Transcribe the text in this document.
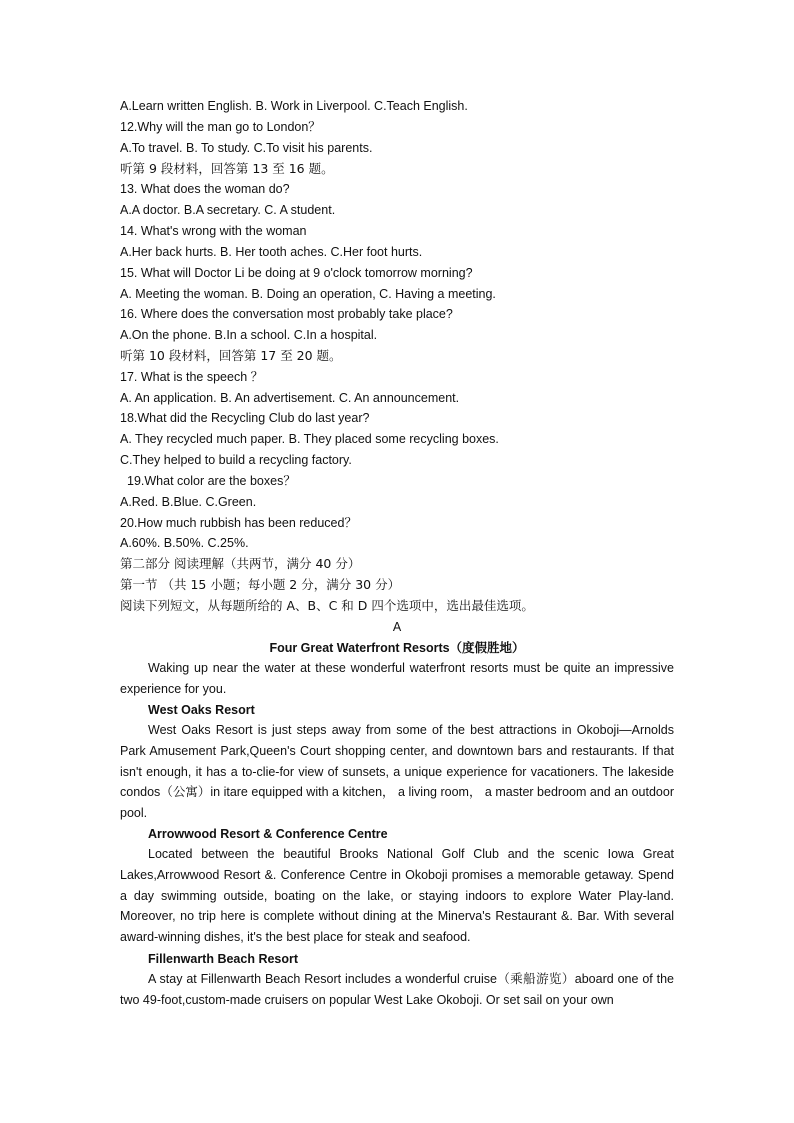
A.Learn written English. B. Work in Liverpool. C.Teach English.
12.Why will the man go to London？
A.To travel. B. To study. C.To visit his parents.
听第 9 段材料，回答第 13 至 16 题。
13. What does the woman do?
A.A doctor. B.A secretary. C. A student.
14. What's wrong with the woman
A.Her back hurts. B. Her tooth aches. C.Her foot hurts.
15. What will Doctor Li be doing at 9 o'clock tomorrow morning?
A. Meeting the woman. B. Doing an operation, C. Having a meeting.
16. Where does the conversation most probably take place?
A.On the phone. B.In a school. C.In a hospital.
听第 10 段材料，回答第 17 至 20 题。
17. What is the speech ？
A. An application. B. An advertisement. C. An announcement.
18.What did the Recycling Club do last year?
A. They recycled much paper. B. They placed some recycling boxes.
C.They helped to build a recycling factory.
19.What color are the boxes？
A.Red. B.Blue. C.Green.
20.How much rubbish has been reduced？
A.60%. B.50%. C.25%.
第二部分 阅读理解（共两节，满分 40 分）
第一节 （共 15 小题；每小题 2 分，满分 30 分）
阅读下列短文，从每题所给的 A、B、C 和 D 四个选项中，选出最佳选项。
A
Four Great Waterfront Resorts（度假胜地）

Waking up near the water at these wonderful waterfront resorts must be quite an impressive experience for you.

West Oaks Resort

West Oaks Resort is just steps away from some of the best attractions in Okoboji—Arnolds Park Amusement Park,Queen's Court shopping center, and downtown bars and restaurants. If that isn't enough, it has a to-clie-for view of sunsets, a unique experience for vacationers. The lakeside condos（公寓）in itare equipped with a kitchen， a living room， a master bedroom and an outdoor pool.

Arrowwood Resort & Conference Centre

Located between the beautiful Brooks National Golf Club and the scenic Iowa Great Lakes,Arrowwood Resort &. Conference Centre in Okoboji promises a memorable getaway. Spend a day swimming outside, boating on the lake, or staying indoors to explore Water Play-land. Moreover, no trip here is complete without dining at the Minerva's Restaurant &. Bar. With several award-winning dishes, it's the best place for steak and seafood.

Fillenwarth Beach Resort

A stay at Fillenwarth Beach Resort includes a wonderful cruise（乘船游览）aboard one of the two 49-foot,custom-made cruisers on popular West Lake Okoboji. Or set sail on your own
